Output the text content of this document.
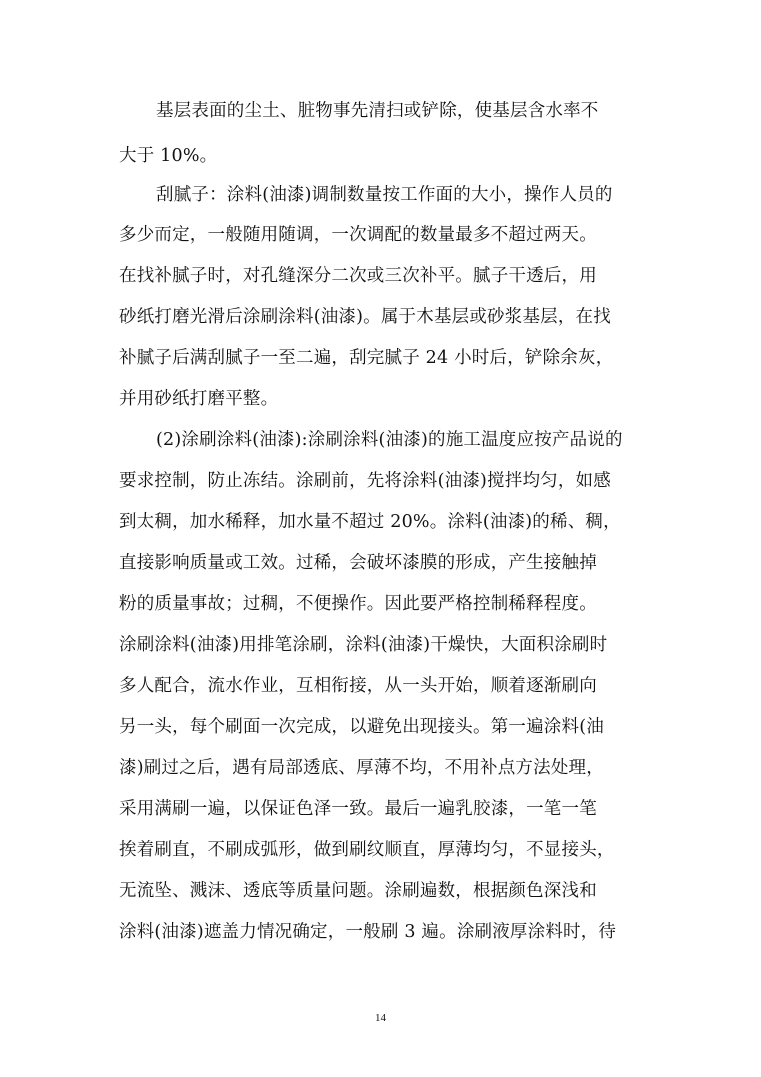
基层表面的尘土、脏物事先清扫或铲除，使基层含水率不
大于 10%。
刮腻子：涂料(油漆)调制数量按工作面的大小，操作人员的
多少而定，一般随用随调，一次调配的数量最多不超过两天。
在找补腻子时，对孔缝深分二次或三次补平。腻子干透后，用
砂纸打磨光滑后涂刷涂料(油漆)。属于木基层或砂浆基层，在找
补腻子后满刮腻子一至二遍，刮完腻子 24 小时后，铲除余灰，
并用砂纸打磨平整。
(2)涂刷涂料(油漆):涂刷涂料(油漆)的施工温度应按产品说的
要求控制，防止冻结。涂刷前，先将涂料(油漆)搅拌均匀，如感
到太稠，加水稀释，加水量不超过 20%。涂料(油漆)的稀、稠，
直接影响质量或工效。过稀，会破坏漆膜的形成，产生接触掉
粉的质量事故；过稠，不便操作。因此要严格控制稀释程度。
涂刷涂料(油漆)用排笔涂刷，涂料(油漆)干燥快，大面积涂刷时
多人配合，流水作业，互相衔接，从一头开始，顺着逐渐刷向
另一头，每个刷面一次完成，以避免出现接头。第一遍涂料(油
漆)刷过之后，遇有局部透底、厚薄不均，不用补点方法处理，
采用满刷一遍，以保证色泽一致。最后一遍乳胶漆，一笔一笔
挨着刷直，不刷成弧形，做到刷纹顺直，厚薄均匀，不显接头，
无流坠、溅沫、透底等质量问题。涂刷遍数，根据颜色深浅和
涂料(油漆)遮盖力情况确定，一般刷 3 遍。涂刷液厚涂料时，待
14
